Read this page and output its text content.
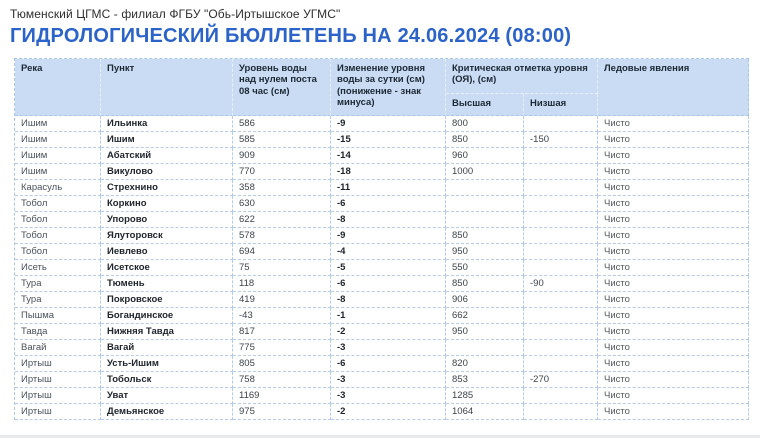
Тюменский ЦГМС - филиал ФГБУ "Обь-Иртышское УГМС"
ГИДРОЛОГИЧЕСКИЙ БЮЛЛЕТЕНЬ НА 24.06.2024 (08:00)
Река	Пункт	Уровень воды над нулем поста 08 час (см)	Изменение уровня воды за сутки (см) (понижение - знак минуса)	Критическая отметка уровня (ОЯ), (см)		Ледовые явления
				Высшая	Низшая	
Ишим	Ильинка	586	-9	800		Чисто
Ишим	Ишим	585	-15	850	-150	Чисто
Ишим	Абатский	909	-14	960		Чисто
Ишим	Викулово	770	-18	1000		Чисто
Карасуль	Стрехнино	358	-11			Чисто
Тобол	Коркино	630	-6			Чисто
Тобол	Упорово	622	-8			Чисто
Тобол	Ялуторовск	578	-9	850		Чисто
Тобол	Иевлево	694	-4	950		Чисто
Исеть	Исетское	75	-5	550		Чисто
Тура	Тюмень	118	-6	850	-90	Чисто
Тура	Покровское	419	-8	906		Чисто
Пышма	Богандинское	-43	-1	662		Чисто
Тавда	Нижняя Тавда	817	-2	950		Чисто
Вагай	Вагай	775	-3			Чисто
Иртыш	Усть-Ишим	805	-6	820		Чисто
Иртыш	Тобольск	758	-3	853	-270	Чисто
Иртыш	Уват	1169	-3	1285		Чисто
Иртыш	Демьянское	975	-2	1064		Чисто
